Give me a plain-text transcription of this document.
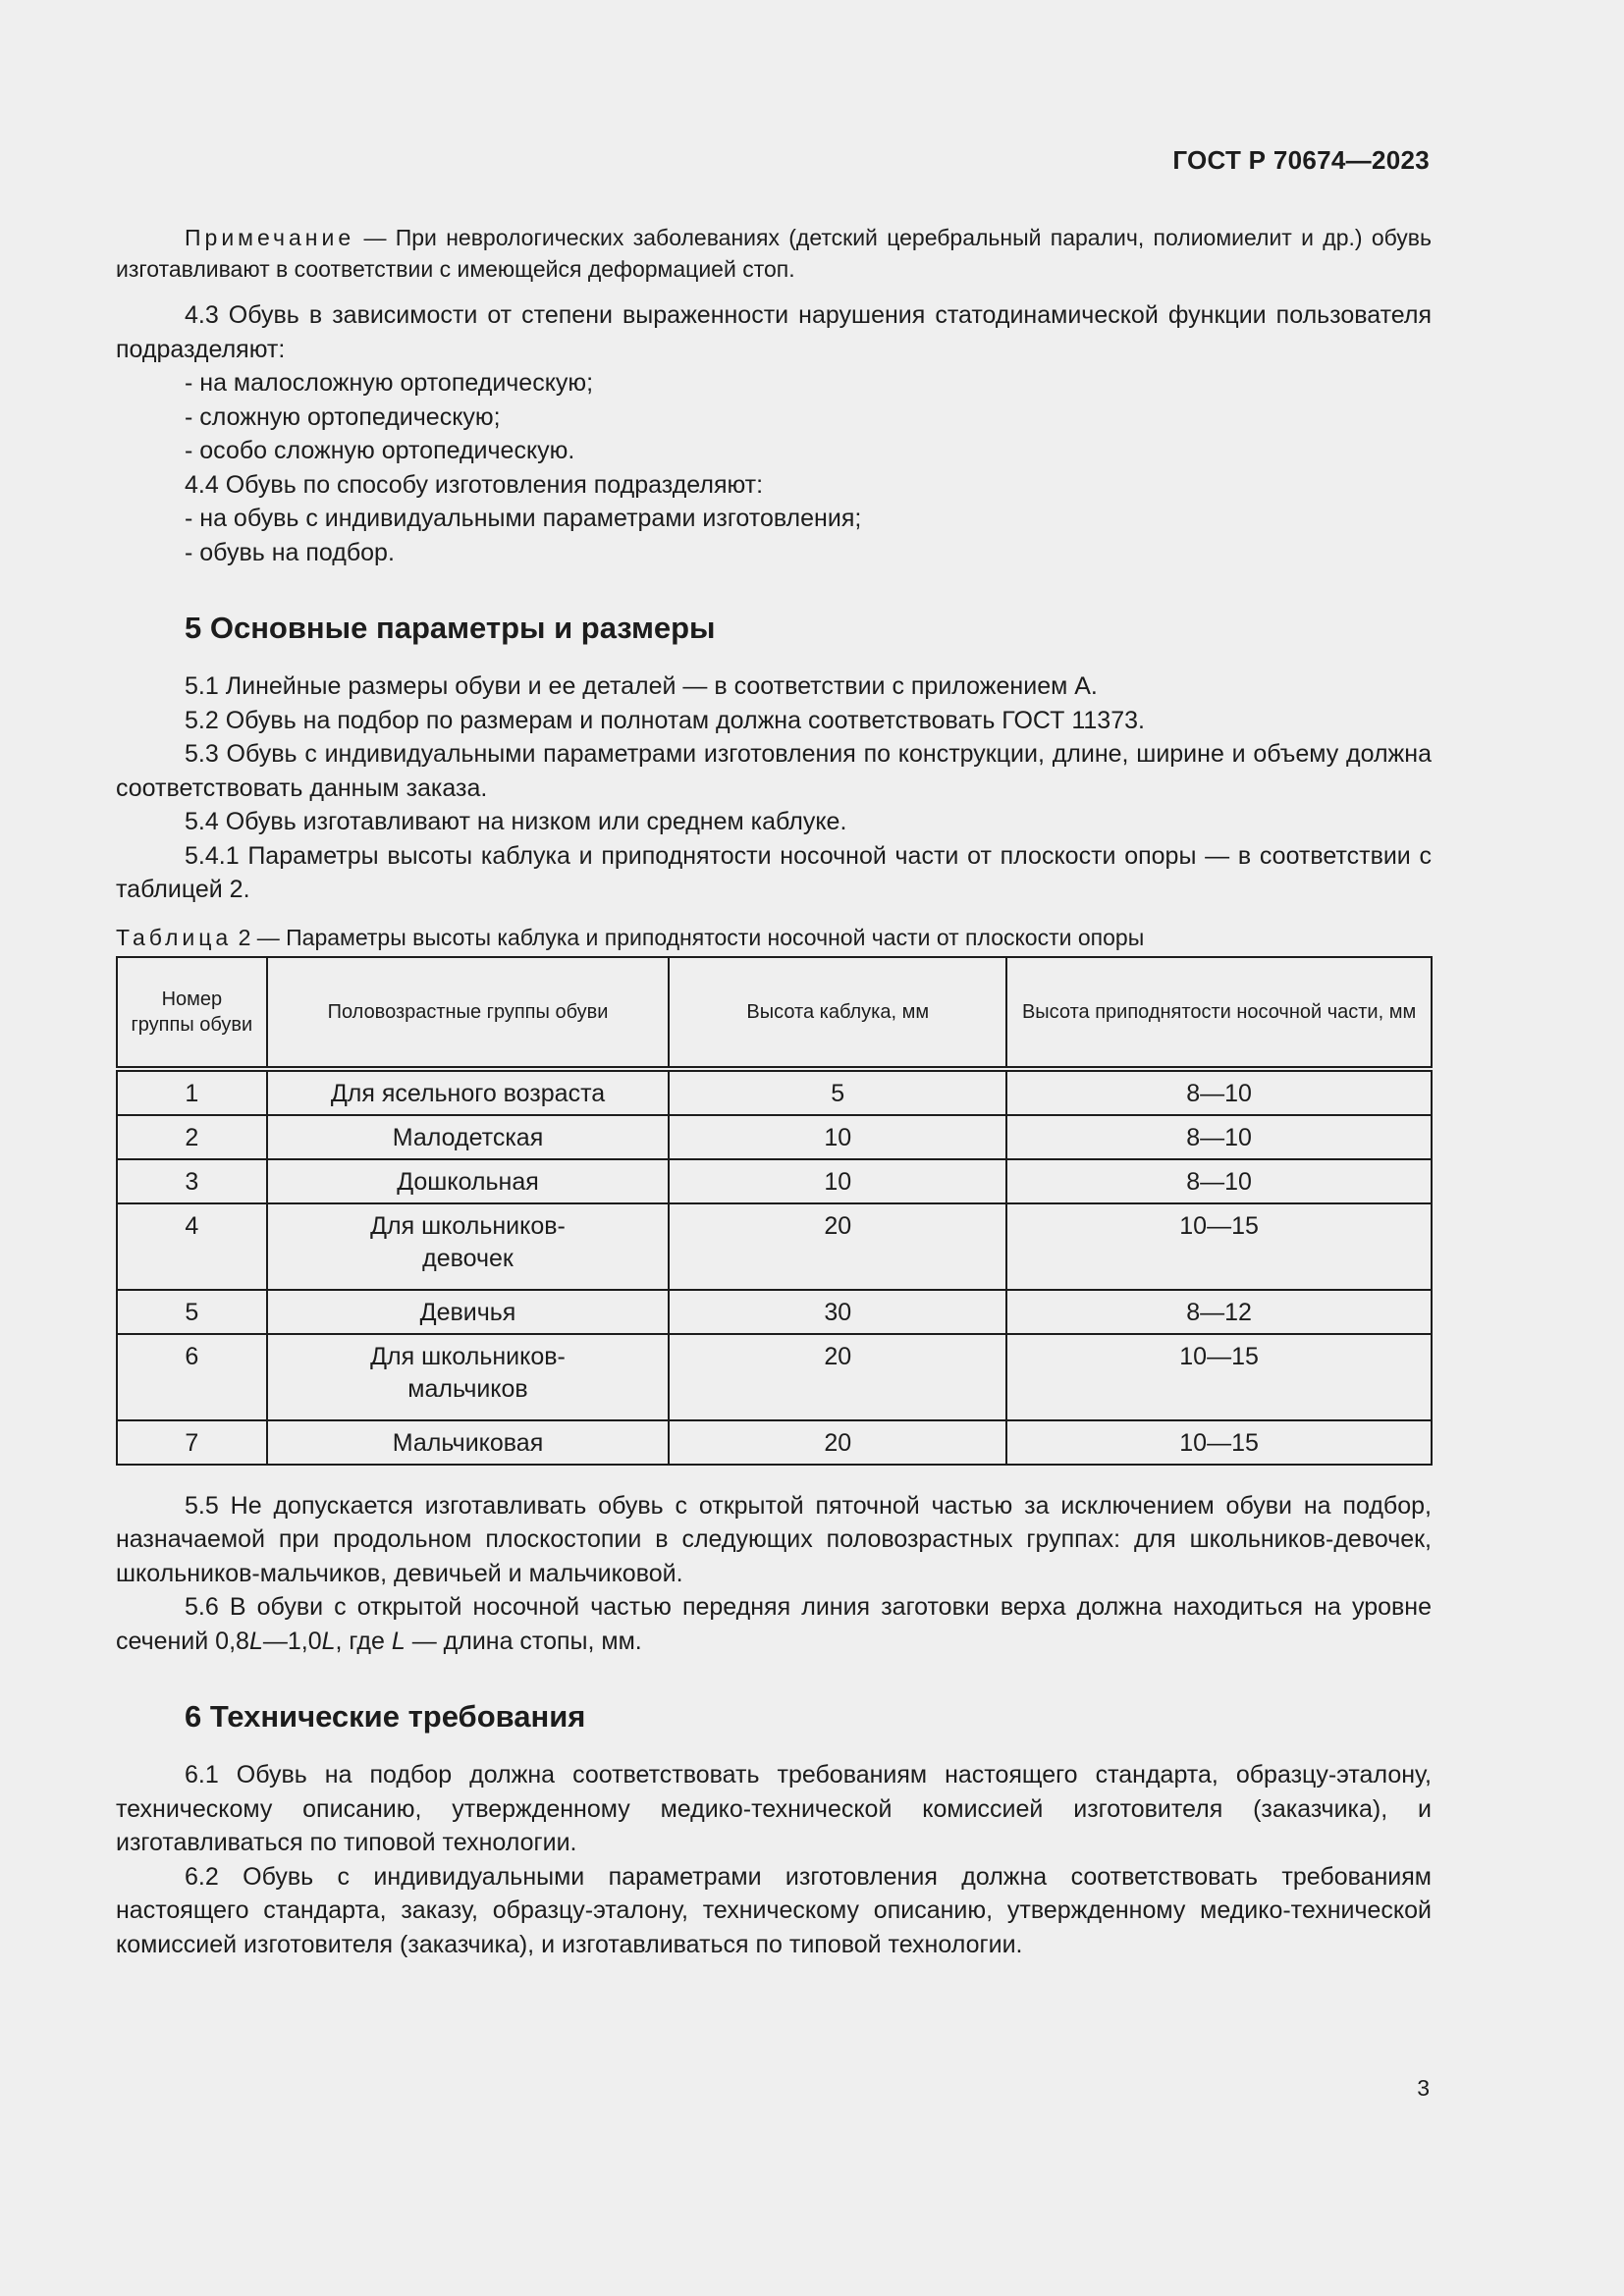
ГОСТ Р 70674—2023

Примечание — При неврологических заболеваниях (детский церебральный паралич, полиомиелит и др.) обувь изготавливают в соответствии с имеющейся деформацией стоп.

4.3 Обувь в зависимости от степени выраженности нарушения статодинамической функции пользователя подразделяют:

- на малосложную ортопедическую;

- сложную ортопедическую;

- особо сложную ортопедическую.

4.4 Обувь по способу изготовления подразделяют:

- на обувь с индивидуальными параметрами изготовления;

- обувь на подбор.

5 Основные параметры и размеры

5.1 Линейные размеры обуви и ее деталей — в соответствии с приложением А.

5.2 Обувь на подбор по размерам и полнотам должна соответствовать ГОСТ 11373.

5.3 Обувь с индивидуальными параметрами изготовления по конструкции, длине, ширине и объему должна соответствовать данным заказа.

5.4 Обувь изготавливают на низком или среднем каблуке.

5.4.1 Параметры высоты каблука и приподнятости носочной части от плоскости опоры — в соответствии с таблицей 2.

Таблица 2 — Параметры высоты каблука и приподнятости носочной части от плоскости опоры
Номер группы обуви	Половозрастные группы обуви	Высота каблука, мм	Высота приподнятости носочной части, мм
1	Для ясельного возраста	5	8—10
2	Малодетская	10	8—10
3	Дошкольная	10	8—10
4	Для школьников-девочек	20	10—15
5	Девичья	30	8—12
6	Для школьников-мальчиков	20	10—15
7	Мальчиковая	20	10—15

5.5 Не допускается изготавливать обувь с открытой пяточной частью за исключением обуви на подбор, назначаемой при продольном плоскостопии в следующих половозрастных группах: для школьников-девочек, школьников-мальчиков, девичьей и мальчиковой.

5.6 В обуви с открытой носочной частью передняя линия заготовки верха должна находиться на уровне сечений 0,8L—1,0L, где L — длина стопы, мм.

6 Технические требования

6.1 Обувь на подбор должна соответствовать требованиям настоящего стандарта, образцу-эталону, техническому описанию, утвержденному медико-технической комиссией изготовителя (заказчика), и изготавливаться по типовой технологии.

6.2 Обувь с индивидуальными параметрами изготовления должна соответствовать требованиям настоящего стандарта, заказу, образцу-эталону, техническому описанию, утвержденному медико-технической комиссией изготовителя (заказчика), и изготавливаться по типовой технологии.

3
